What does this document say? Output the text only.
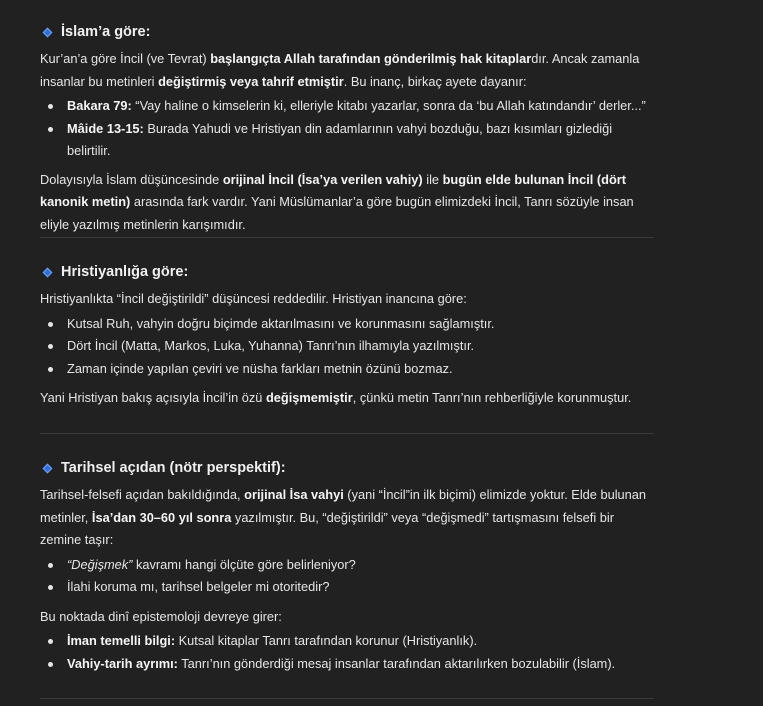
İslam’a göre:

Kur’an’a göre İncil (ve Tevrat) başlangıçta Allah tarafından gönderilmiş hak kitaplardır. Ancak zamanla insanlar bu metinleri değiştirmiş veya tahrif etmiştir. Bu inanç, birkaç ayete dayanır:

Bakara 79: “Vay haline o kimselerin ki, elleriyle kitabı yazarlar, sonra da ‘bu Allah katındandır’ derler...”
Mâide 13-15: Burada Yahudi ve Hristiyan din adamlarının vahyi bozduğu, bazı kısımları gizlediği belirtilir.

Dolayısıyla İslam düşüncesinde orijinal İncil (İsa’ya verilen vahiy) ile bugün elde bulunan İncil (dört kanonik metin) arasında fark vardır. Yani Müslümanlar’a göre bugün elimizdeki İncil, Tanrı sözüyle insan eliyle yazılmış metinlerin karışımıdır.

Hristiyanlığa göre:

Hristiyanlıkta “İncil değiştirildi” düşüncesi reddedilir. Hristiyan inancına göre:

Kutsal Ruh, vahyin doğru biçimde aktarılmasını ve korunmasını sağlamıştır.
Dört İncil (Matta, Markos, Luka, Yuhanna) Tanrı’nın ilhamıyla yazılmıştır.
Zaman içinde yapılan çeviri ve nüsha farkları metnin özünü bozmaz.

Yani Hristiyan bakış açısıyla İncil’in özü değişmemiştir, çünkü metin Tanrı’nın rehberliğiyle korunmuştur.

Tarihsel açıdan (nötr perspektif):

Tarihsel-felsefi açıdan bakıldığında, orijinal İsa vahyi (yani “İncil”in ilk biçimi) elimizde yoktur. Elde bulunan metinler, İsa’dan 30–60 yıl sonra yazılmıştır. Bu, “değiştirildi” veya “değişmedi” tartışmasını felsefi bir zemine taşır:

“Değişmek” kavramı hangi ölçüte göre belirleniyor?
İlahi koruma mı, tarihsel belgeler mi otoritedir?

Bu noktada dinî epistemoloji devreye girer:

İman temelli bilgi: Kutsal kitaplar Tanrı tarafından korunur (Hristiyanlık).
Vahiy-tarih ayrımı: Tanrı’nın gönderdiği mesaj insanlar tarafından aktarılırken bozulabilir (İslam).
